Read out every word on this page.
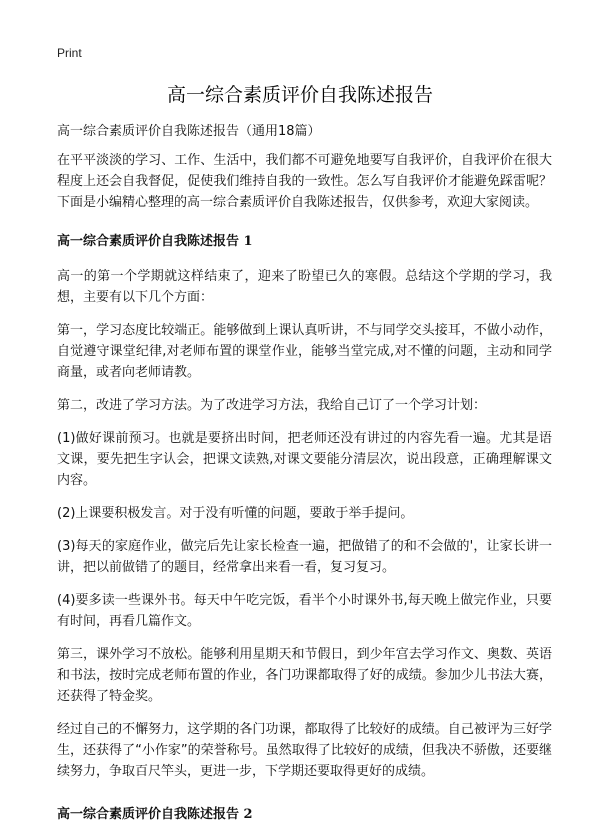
Print
高一综合素质评价自我陈述报告
高一综合素质评价自我陈述报告（通用18篇）

在平平淡淡的学习、工作、生活中，我们都不可避免地要写自我评价，自我评价在很大程度上还会自我督促，促使我们维持自我的一致性。怎么写自我评价才能避免踩雷呢？下面是小编精心整理的高一综合素质评价自我陈述报告，仅供参考，欢迎大家阅读。

高一综合素质评价自我陈述报告 1

高一的第一个学期就这样结束了，迎来了盼望已久的寒假。总结这个学期的学习，我想，主要有以下几个方面：

第一，学习态度比较端正。能够做到上课认真听讲，不与同学交头接耳，不做小动作，自觉遵守课堂纪律,对老师布置的课堂作业，能够当堂完成,对不懂的问题，主动和同学商量，或者向老师请教。

第二，改进了学习方法。为了改进学习方法，我给自己订了一个学习计划：

(1)做好课前预习。也就是要挤出时间，把老师还没有讲过的内容先看一遍。尤其是语文课，要先把生字认会，把课文读熟,对课文要能分清层次，说出段意，正确理解课文内容。

(2)上课要积极发言。对于没有听懂的问题，要敢于举手提问。

(3)每天的家庭作业，做完后先让家长检查一遍，把做错了的和不会做的'，让家长讲一讲，把以前做错了的题目，经常拿出来看一看，复习复习。

(4)要多读一些课外书。每天中午吃完饭，看半个小时课外书,每天晚上做完作业，只要有时间，再看几篇作文。

第三，课外学习不放松。能够利用星期天和节假日，到少年宫去学习作文、奥数、英语和书法，按时完成老师布置的作业，各门功课都取得了好的成绩。参加少儿书法大赛，还获得了特金奖。

经过自己的不懈努力，这学期的各门功课，都取得了比较好的成绩。自己被评为三好学生，还获得了“小作家”的荣誉称号。虽然取得了比较好的成绩，但我决不骄傲，还要继续努力，争取百尺竿头，更进一步，下学期还要取得更好的成绩。

高一综合素质评价自我陈述报告 2
